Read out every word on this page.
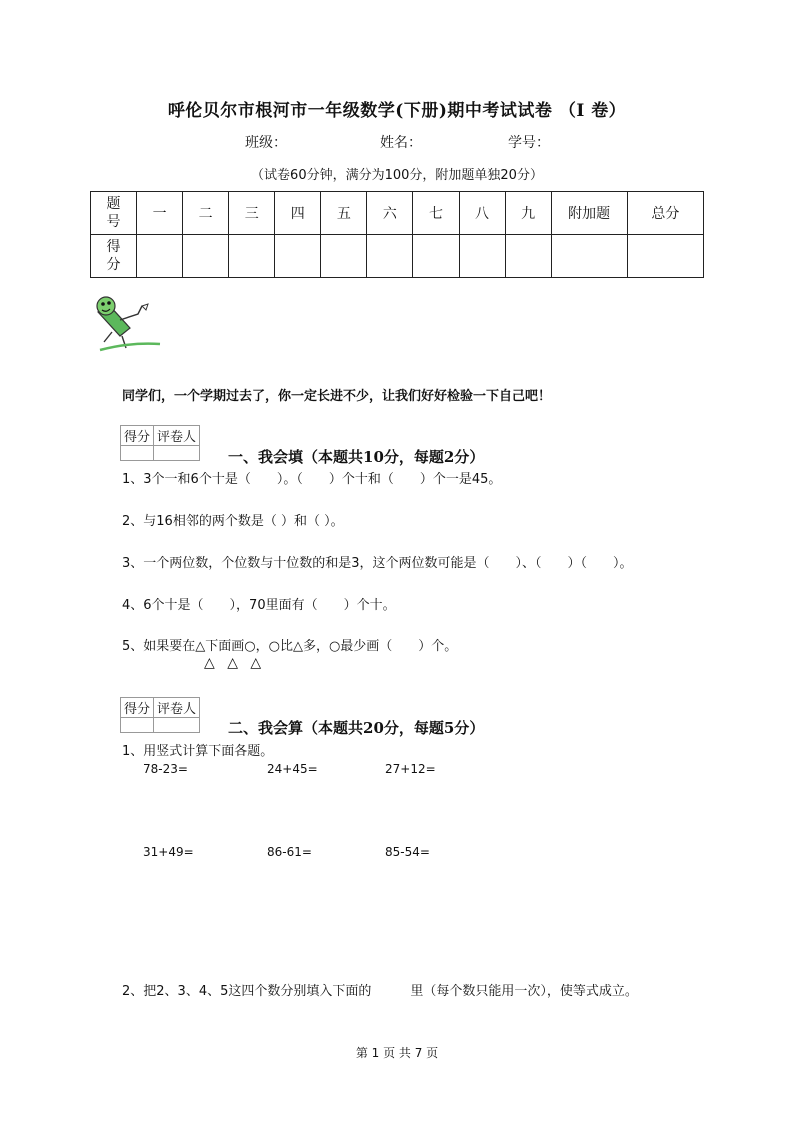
呼伦贝尔市根河市一年级数学(下册)期中考试试卷 （I 卷）
班级：	姓名：	学号：
（试卷60分钟，满分为100分，附加题单独20分）
题号	一	二	三	四	五	六	七	八	九	附加题	总分
得分											
同学们，一个学期过去了，你一定长进不少，让我们好好检验一下自己吧！
得分	评卷人

一、我会填（本题共10分，每题2分）
1、3个一和6个十是（　　）。（　　）个十和（　　）个一是45。
2、与16相邻的两个数是（ ）和（ ）。
3、一个两位数，个位数与十位数的和是3，这个两位数可能是（　　）、（　　）（　　）。
4、6个十是（　　），70里面有（　　）个十。
5、如果要在△下面画○，○比△多，○最少画（　　）个。
△ △ △
得分	评卷人

二、我会算（本题共20分，每题5分）
1、用竖式计算下面各题。
78-23=	24+45=	27+12=
31+49=	86-61=	85-54=
2、把2、3、4、5这四个数分别填入下面的　　　里（每个数只能用一次），使等式成立。
第 1 页 共 7 页
